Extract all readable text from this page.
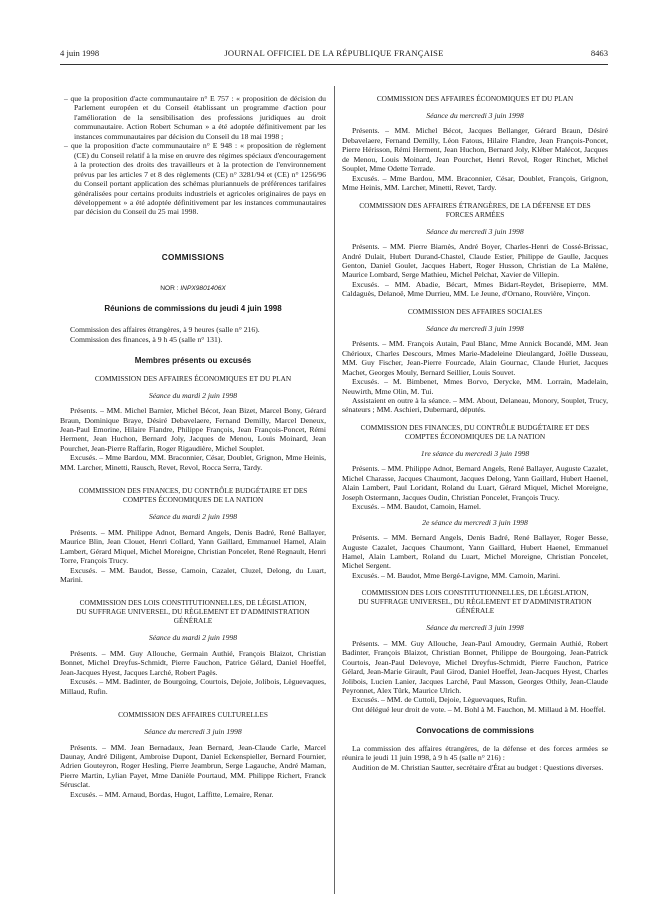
4 juin 1998	JOURNAL OFFICIEL DE LA RÉPUBLIQUE FRANÇAISE	8463

– que la proposition d'acte communautaire n° E 757 : « proposition de décision du Parlement européen et du Conseil établissant un programme d'action pour l'amélioration de la sensibilisation des professions juridiques au droit communautaire. Action Robert Schuman » a été adoptée définitivement par les instances communautaires par décision du Conseil du 18 mai 1998 ;

– que la proposition d'acte communautaire n° E 948 : « proposition de règlement (CE) du Conseil relatif à la mise en œuvre des régimes spéciaux d'encouragement à la protection des droits des travailleurs et à la protection de l'environnement prévus par les articles 7 et 8 des règlements (CE) n° 3281/94 et (CE) n° 1256/96 du Conseil portant application des schémas pluriannuels de préférences tarifaires généralisées pour certains produits industriels et agricoles originaires de pays en développement » a été adoptée définitivement par les instances communautaires par décision du Conseil du 25 mai 1998.

COMMISSIONS

NOR : INPX9801406X

Réunions de commissions du jeudi 4 juin 1998

Commission des affaires étrangères, à 9 heures (salle n° 216).

Commission des finances, à 9 h 45 (salle n° 131).

Membres présents ou excusés

COMMISSION DES AFFAIRES ÉCONOMIQUES ET DU PLAN

Séance du mardi 2 juin 1998

Présents. – MM. Michel Barnier, Michel Bécot, Jean Bizet, Marcel Bony, Gérard Braun, Dominique Braye, Désiré Debavelaere, Fernand Demilly, Marcel Deneux, Jean-Paul Emorine, Hilaire Flandre, Philippe François, Jean François-Poncet, Rémi Herment, Jean Huchon, Bernard Joly, Jacques de Menou, Louis Moinard, Jean Pourchet, Jean-Pierre Raffarin, Roger Rigaudière, Michel Souplet.

Excusés. – Mme Bardou, MM. Braconnier, César, Doublet, Grignon, Mme Heinis, MM. Larcher, Minetti, Rausch, Revet, Revol, Rocca Serra, Tardy.

COMMISSION DES FINANCES, DU CONTRÔLE BUDGÉTAIRE ET DES COMPTES ÉCONOMIQUES DE LA NATION

Séance du mardi 2 juin 1998

Présents. – MM. Philippe Adnot, Bernard Angels, Denis Badré, René Ballayer, Maurice Blin, Jean Clouet, Henri Collard, Yann Gaillard, Emmanuel Hamel, Alain Lambert, Gérard Miquel, Michel Moreigne, Christian Poncelet, René Regnault, Henri Torre, François Trucy.

Excusés. – MM. Baudot, Besse, Camoin, Cazalet, Cluzel, Delong, du Luart, Marini.

COMMISSION DES LOIS CONSTITUTIONNELLES, DE LÉGISLATION, DU SUFFRAGE UNIVERSEL, DU RÈGLEMENT ET D'ADMINISTRATION GÉNÉRALE

Séance du mardi 2 juin 1998

Présents. – MM. Guy Allouche, Germain Authié, François Blaizot, Christian Bonnet, Michel Dreyfus-Schmidt, Pierre Fauchon, Patrice Gélard, Daniel Hoeffel, Jean-Jacques Hyest, Jacques Larché, Robert Pagès.

Excusés. – MM. Badinter, de Bourgoing, Courtois, Dejoie, Jolibois, Lèguevaques, Millaud, Rufin.

COMMISSION DES AFFAIRES CULTURELLES

Séance du mercredi 3 juin 1998

Présents. – MM. Jean Bernadaux, Jean Bernard, Jean-Claude Carle, Marcel Daunay, André Diligent, Ambroise Dupont, Daniel Eckenspieller, Bernard Fournier, Adrien Gouteyron, Roger Hesling, Pierre Jeambrun, Serge Lagauche, André Maman, Pierre Martin, Lylian Payet, Mme Danièle Pourtaud, MM. Philippe Richert, Franck Sérusclat.

Excusés. – MM. Arnaud, Bordas, Hugot, Laffitte, Lemaire, Renar.

COMMISSION DES AFFAIRES ÉCONOMIQUES ET DU PLAN

Séance du mercredi 3 juin 1998

Présents. – MM. Michel Bécot, Jacques Bellanger, Gérard Braun, Désiré Debavelaere, Fernand Demilly, Léon Fatous, Hilaire Flandre, Jean François-Poncet, Pierre Hérisson, Rémi Herment, Jean Huchon, Bernard Joly, Kléber Malécot, Jacques de Menou, Louis Moinard, Jean Pourchet, Henri Revol, Roger Rinchet, Michel Souplet, Mme Odette Terrade.

Excusés. – Mme Bardou, MM. Braconnier, César, Doublet, François, Grignon, Mme Heinis, MM. Larcher, Minetti, Revet, Tardy.

COMMISSION DES AFFAIRES ÉTRANGÈRES, DE LA DÉFENSE ET DES FORCES ARMÉES

Séance du mercredi 3 juin 1998

Présents. – MM. Pierre Biarnès, André Boyer, Charles-Henri de Cossé-Brissac, André Dulait, Hubert Durand-Chastel, Claude Estier, Philippe de Gaulle, Jacques Genton, Daniel Goulet, Jacques Habert, Roger Husson, Christian de La Malène, Maurice Lombard, Serge Mathieu, Michel Pelchat, Xavier de Villepin.

Excusés. – MM. Abadie, Bécart, Mmes Bidart-Reydet, Brisepierre, MM. Caldaguès, Delanoë, Mme Durrieu, MM. Le Jeune, d'Ornano, Rouvière, Vinçon.

COMMISSION DES AFFAIRES SOCIALES

Séance du mercredi 3 juin 1998

Présents. – MM. François Autain, Paul Blanc, Mme Annick Bocandé, MM. Jean Chérioux, Charles Descours, Mmes Marie-Madeleine Dieulangard, Joëlle Dusseau, MM. Guy Fischer, Jean-Pierre Fourcade, Alain Gournac, Claude Huriet, Jacques Machet, Georges Mouly, Bernard Seillier, Louis Souvet.

Excusés. – M. Bimbenet, Mmes Borvo, Derycke, MM. Lorrain, Madelain, Neuwirth, Mme Olin, M. Tui.

Assistaient en outre à la séance. – MM. About, Delaneau, Monory, Souplet, Trucy, sénateurs ; MM. Aschieri, Dubernard, députés.

COMMISSION DES FINANCES, DU CONTRÔLE BUDGÉTAIRE ET DES COMPTES ÉCONOMIQUES DE LA NATION

1re séance du mercredi 3 juin 1998

Présents. – MM. Philippe Adnot, Bernard Angels, René Ballayer, Auguste Cazalet, Michel Charasse, Jacques Chaumont, Jacques Delong, Yann Gaillard, Hubert Haenel, Alain Lambert, Paul Loridant, Roland du Luart, Gérard Miquel, Michel Moreigne, Joseph Ostermann, Jacques Oudin, Christian Poncelet, François Trucy.

Excusés. – MM. Baudot, Camoin, Hamel.

2e séance du mercredi 3 juin 1998

Présents. – MM. Bernard Angels, Denis Badré, René Ballayer, Roger Besse, Auguste Cazalet, Jacques Chaumont, Yann Gaillard, Hubert Haenel, Emmanuel Hamel, Alain Lambert, Roland du Luart, Michel Moreigne, Christian Poncelet, Michel Sergent.

Excusés. – M. Baudot, Mme Bergé-Lavigne, MM. Camoin, Marini.

COMMISSION DES LOIS CONSTITUTIONNELLES, DE LÉGISLATION, DU SUFFRAGE UNIVERSEL, DU RÈGLEMENT ET D'ADMINISTRATION GÉNÉRALE

Séance du mercredi 3 juin 1998

Présents. – MM. Guy Allouche, Jean-Paul Amoudry, Germain Authié, Robert Badinter, François Blaizot, Christian Bonnet, Philippe de Bourgoing, Jean-Patrick Courtois, Jean-Paul Delevoye, Michel Dreyfus-Schmidt, Pierre Fauchon, Patrice Gélard, Jean-Marie Girault, Paul Girod, Daniel Hoeffel, Jean-Jacques Hyest, Charles Jolibois, Lucien Lanier, Jacques Larché, Paul Masson, Georges Othily, Jean-Claude Peyronnet, Alex Türk, Maurice Ulrich.

Excusés. – MM. de Cuttoli, Dejoie, Lèguevaques, Rufin.

Ont délégué leur droit de vote. – M. Bohl à M. Fauchon, M. Millaud à M. Hoeffel.

Convocations de commissions

La commission des affaires étrangères, de la défense et des forces armées se réunira le jeudi 11 juin 1998, à 9 h 45 (salle n° 216) :

Audition de M. Christian Sautter, secrétaire d'État au budget : Questions diverses.
